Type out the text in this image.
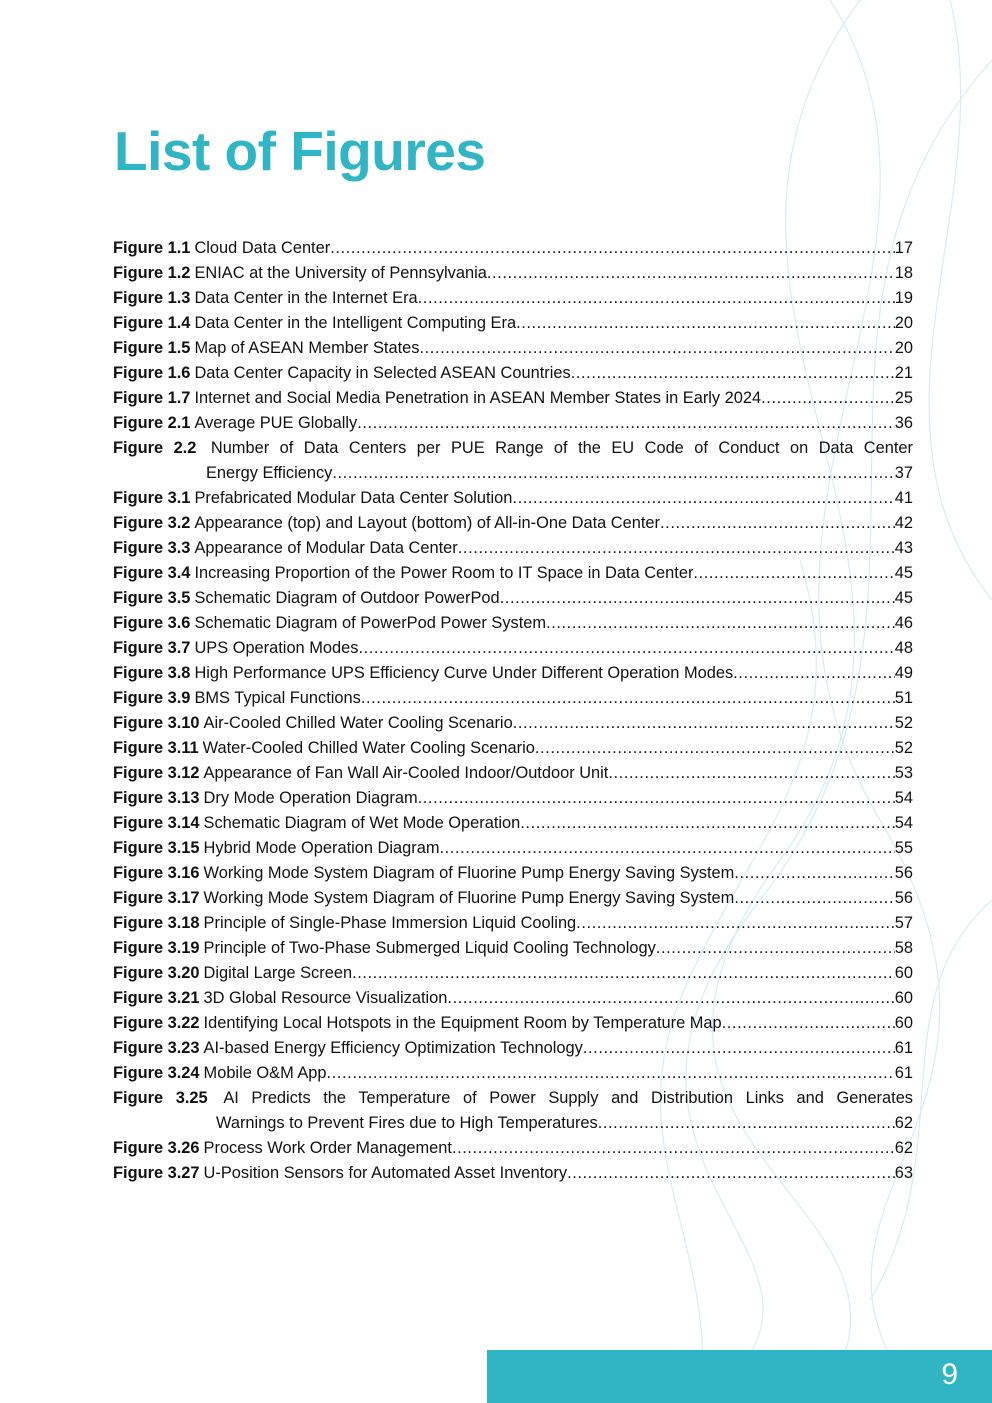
List of Figures
Figure 1.1 Cloud Data Center .....	17
Figure 1.2 ENIAC at the University of Pennsylvania .....	18
Figure 1.3 Data Center in the Internet Era .....	19
Figure 1.4 Data Center in the Intelligent Computing Era .....	20
Figure 1.5 Map of ASEAN Member States .....	20
Figure 1.6 Data Center Capacity in Selected ASEAN Countries .....	21
Figure 1.7 Internet and Social Media Penetration in ASEAN Member States in Early 2024 .....	25
Figure 2.1 Average PUE Globally .....	36
Figure 2.2 Number of Data Centers per PUE Range of the EU Code of Conduct on Data Center
Energy Efficiency .....	37
Figure 3.1 Prefabricated Modular Data Center Solution .....	41
Figure 3.2 Appearance (top) and Layout (bottom) of All-in-One Data Center .....	42
Figure 3.3 Appearance of Modular Data Center .....	43
Figure 3.4 Increasing Proportion of the Power Room to IT Space in Data Center .....	45
Figure 3.5 Schematic Diagram of Outdoor PowerPod .....	45
Figure 3.6 Schematic Diagram of PowerPod Power System .....	46
Figure 3.7 UPS Operation Modes .....	48
Figure 3.8 High Performance UPS Efficiency Curve Under Different Operation Modes .....	49
Figure 3.9 BMS Typical Functions .....	51
Figure 3.10 Air-Cooled Chilled Water Cooling Scenario .....	52
Figure 3.11 Water-Cooled Chilled Water Cooling Scenario .....	52
Figure 3.12 Appearance of Fan Wall Air-Cooled Indoor/Outdoor Unit .....	53
Figure 3.13 Dry Mode Operation Diagram .....	54
Figure 3.14 Schematic Diagram of Wet Mode Operation .....	54
Figure 3.15 Hybrid Mode Operation Diagram .....	55
Figure 3.16 Working Mode System Diagram of Fluorine Pump Energy Saving System .....	56
Figure 3.17 Working Mode System Diagram of Fluorine Pump Energy Saving System .....	56
Figure 3.18 Principle of Single-Phase Immersion Liquid Cooling .....	57
Figure 3.19 Principle of Two-Phase Submerged Liquid Cooling Technology .....	58
Figure 3.20 Digital Large Screen .....	60
Figure 3.21 3D Global Resource Visualization .....	60
Figure 3.22 Identifying Local Hotspots in the Equipment Room by Temperature Map .....	60
Figure 3.23 AI-based Energy Efficiency Optimization Technology .....	61
Figure 3.24 Mobile O&M App .....	61
Figure 3.25 AI Predicts the Temperature of Power Supply and Distribution Links and Generates
Warnings to Prevent Fires due to High Temperatures .....	62
Figure 3.26 Process Work Order Management .....	62
Figure 3.27 U-Position Sensors for Automated Asset Inventory .....	63
9
